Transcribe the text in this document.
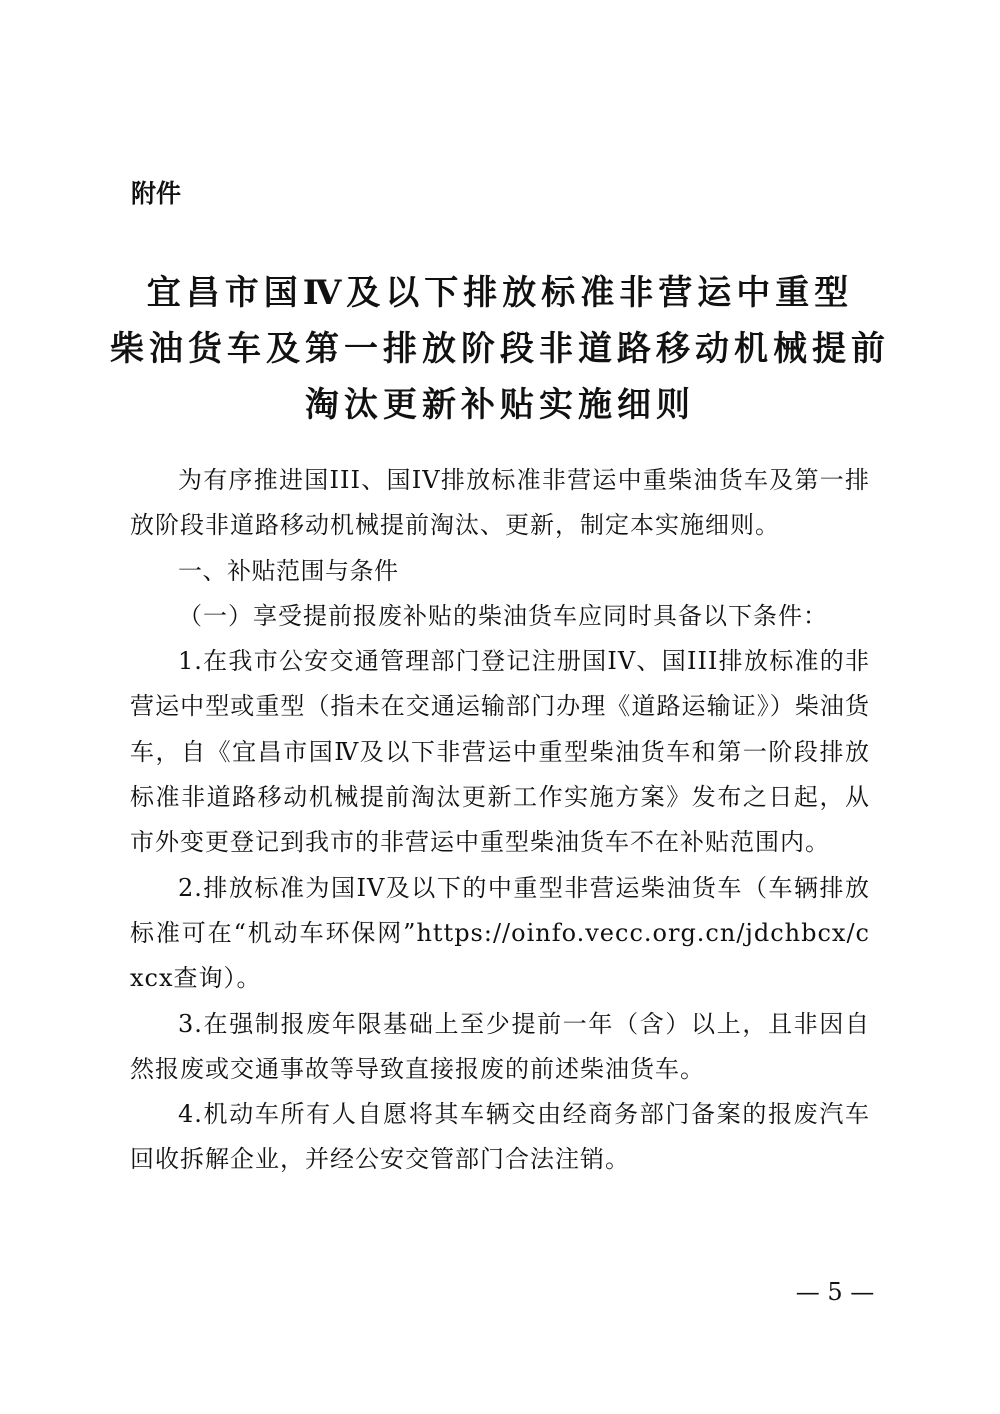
附件

宜昌市国Ⅳ及以下排放标准非营运中重型
柴油货车及第一排放阶段非道路移动机械提前
淘汰更新补贴实施细则

为有序推进国III、国IV排放标准非营运中重柴油货车及第一排放阶段非道路移动机械提前淘汰、更新，制定本实施细则。

一、补贴范围与条件

（一）享受提前报废补贴的柴油货车应同时具备以下条件：

1.在我市公安交通管理部门登记注册国IV、国III排放标准的非营运中型或重型（指未在交通运输部门办理《道路运输证》）柴油货车，自《宜昌市国Ⅳ及以下非营运中重型柴油货车和第一阶段排放标准非道路移动机械提前淘汰更新工作实施方案》发布之日起，从市外变更登记到我市的非营运中重型柴油货车不在补贴范围内。

2.排放标准为国IV及以下的中重型非营运柴油货车（车辆排放标准可在“机动车环保网”https://oinfo.vecc.org.cn/jdchbcx/cxcx查询）。

3.在强制报废年限基础上至少提前一年（含）以上，且非因自然报废或交通事故等导致直接报废的前述柴油货车。

4.机动车所有人自愿将其车辆交由经商务部门备案的报废汽车回收拆解企业，并经公安交管部门合法注销。

— 5 —
